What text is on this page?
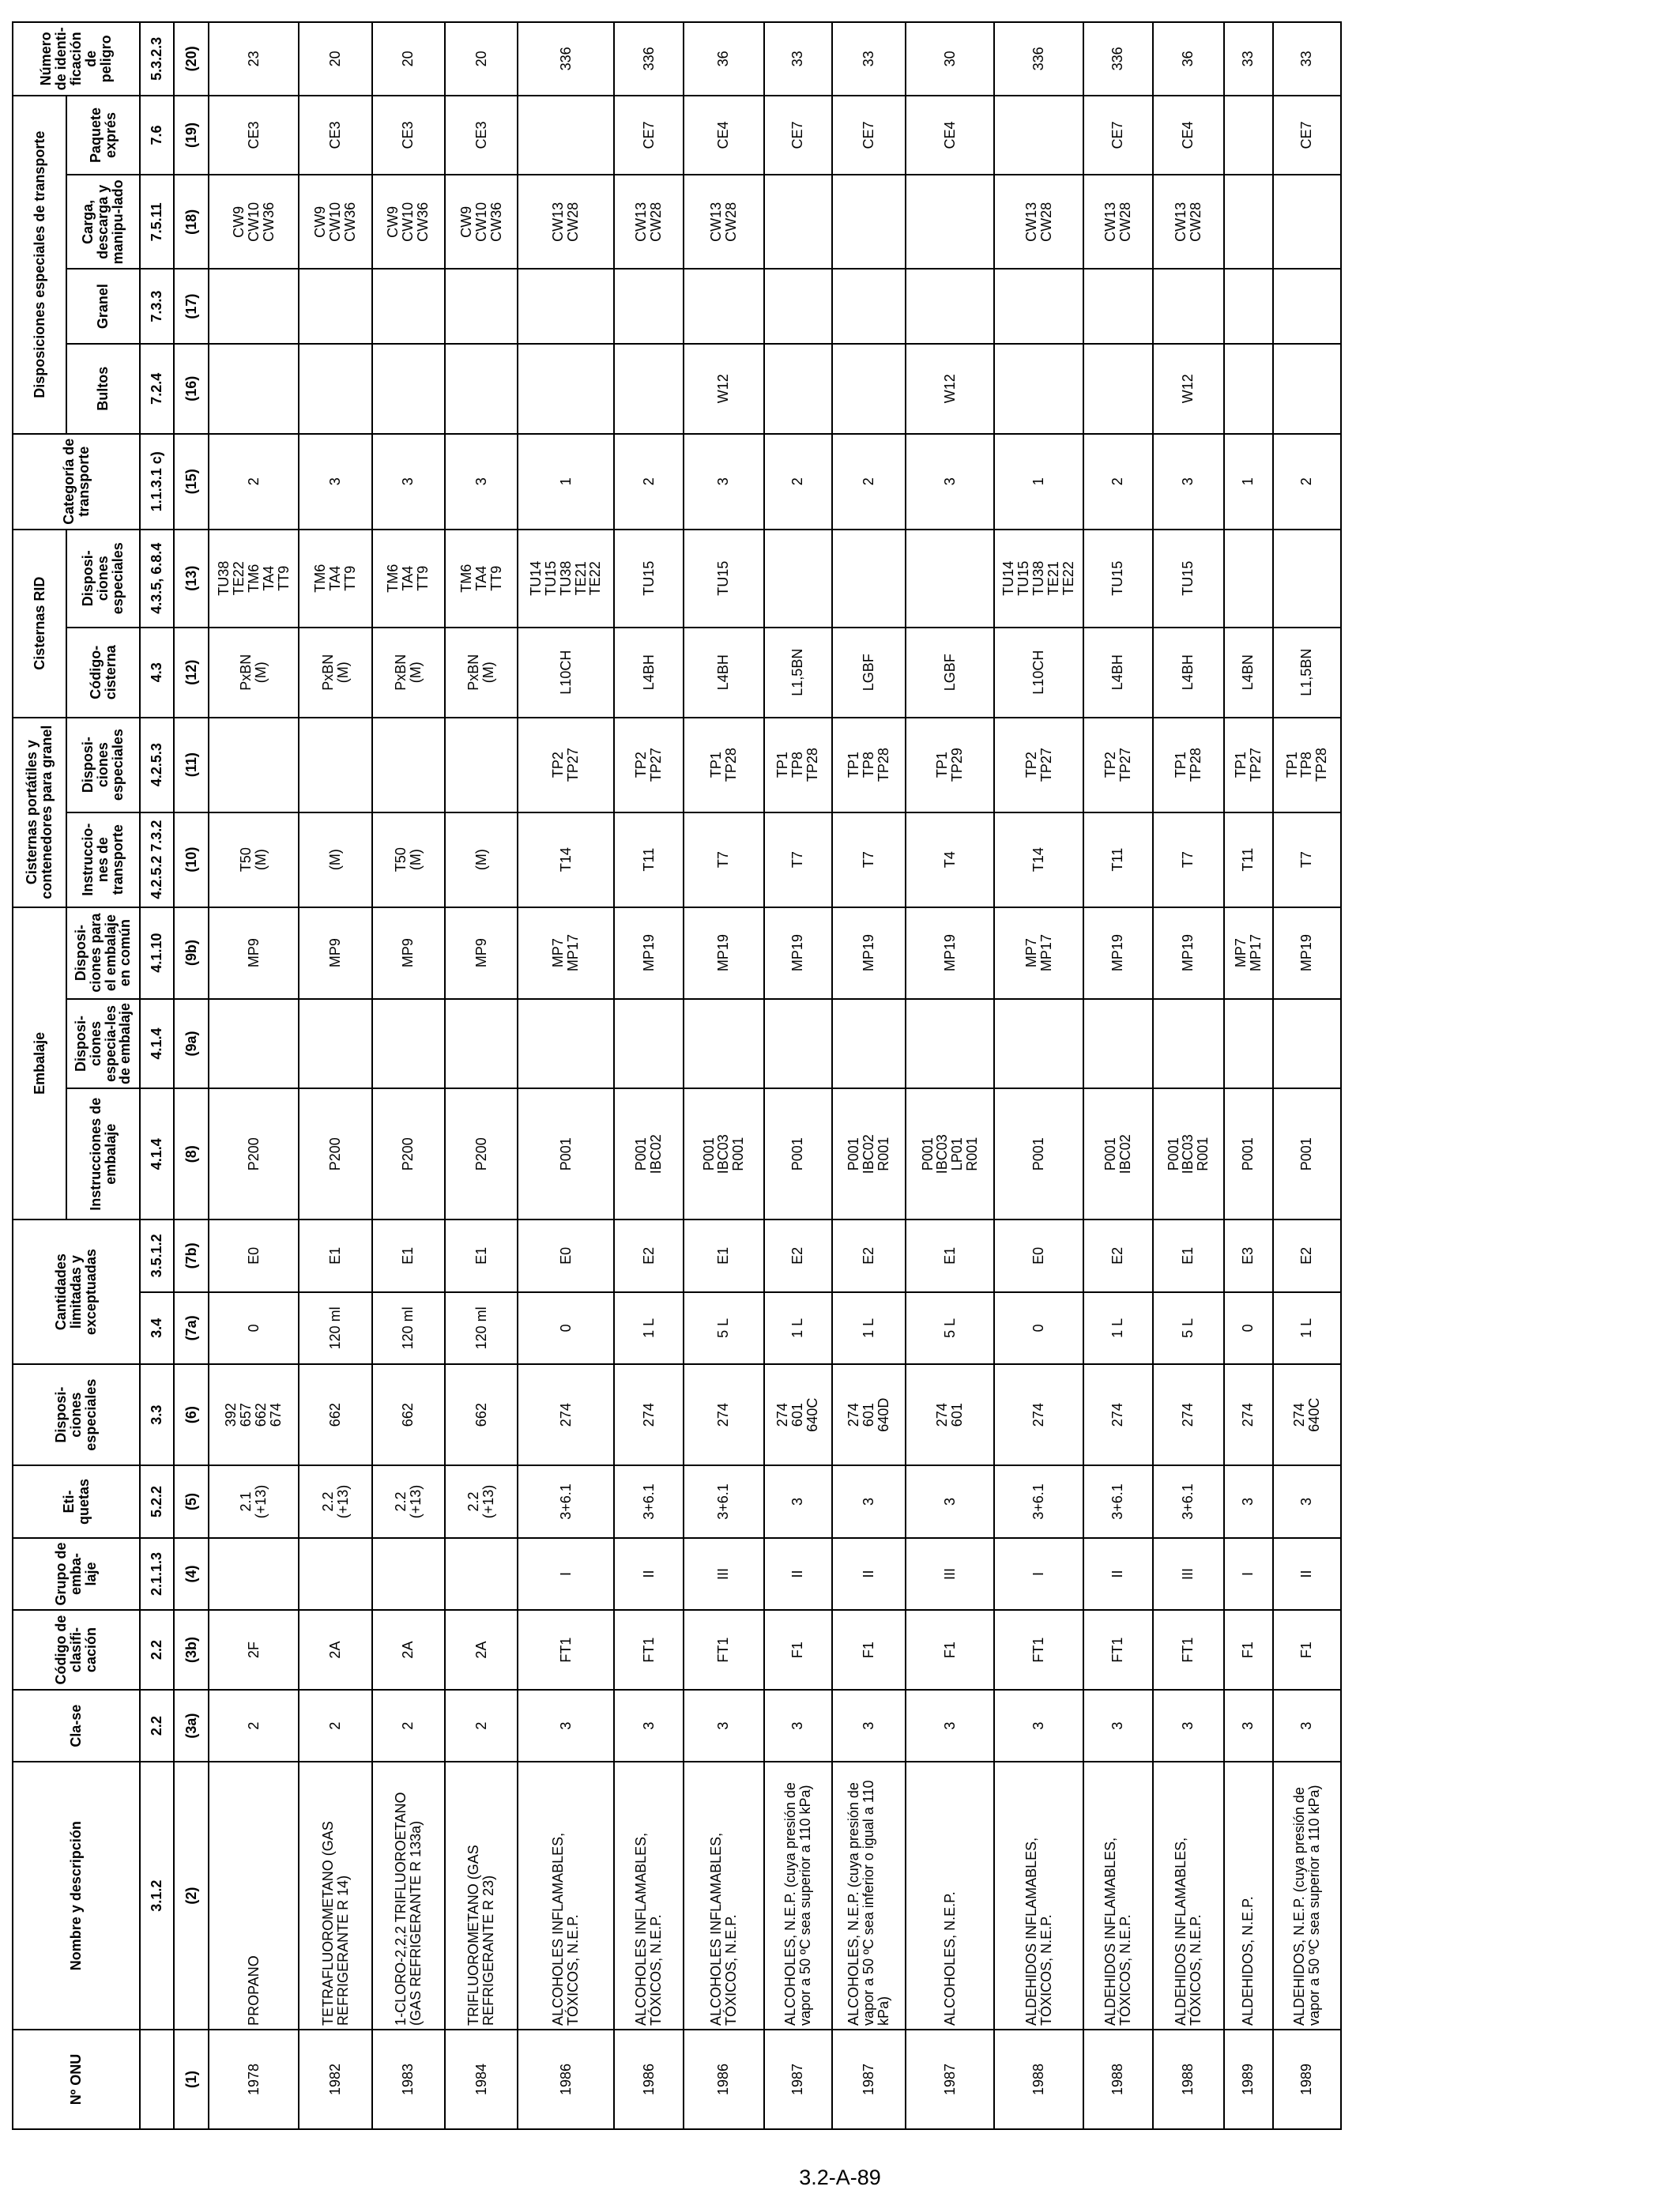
Nº ONU	Nombre y descripción	Cla-se	Código de clasifi-cación	Grupo de emba-laje	Eti-quetas	Disposi-ciones especiales	Cantidades limitadas y exceptuadas		Embalaje			Cisternas portátiles y contenedores para granel		Cisternas RID		Categoría de transporte	Disposiciones especiales de transporte				Número de identi-ficación de peligro
									Instrucciones de embalaje	Disposi-ciones especia-les de embalaje	Disposi-ciones para el embalaje en común	Instruccio-nes de transporte	Disposi-ciones especiales	Código-cisterna	Disposi-ciones especiales		Bultos	Granel	Carga, descarga y manipu-lado	Paquete exprés	
	3.1.2	2.2	2.2	2.1.1.3	5.2.2	3.3	3.4	3.5.1.2	4.1.4	4.1.4	4.1.10	4.2.5.2 7.3.2	4.2.5.3	4.3	4.3.5, 6.8.4	1.1.3.1 c)	7.2.4	7.3.3	7.5.11	7.6	5.3.2.3
(1)	(2)	(3a)	(3b)	(4)	(5)	(6)	(7a)	(7b)	(8)	(9a)	(9b)	(10)	(11)	(12)	(13)	(15)	(16)	(17)	(18)	(19)	(20)
1978	PROPANO	2	2F		2.1
(+13)	392
657
662
674	0	E0	P200		MP9	T50
(M)		PxBN
(M)	TU38
TE22
TM6
TA4
TT9	2			CW9
CW10
CW36	CE3	23
1982	TETRAFLUOROMETANO (GAS REFRIGERANTE R 14)	2	2A		2.2
(+13)	662	120 ml	E1	P200		MP9	(M)		PxBN
(M)	TM6
TA4
TT9	3			CW9
CW10
CW36	CE3	20
1983	1-CLORO-2,2,2 TRIFLUOROETANO (GAS REFRIGERANTE R 133a)	2	2A		2.2
(+13)	662	120 ml	E1	P200		MP9	T50
(M)		PxBN
(M)	TM6
TA4
TT9	3			CW9
CW10
CW36	CE3	20
1984	TRIFLUOROMETANO (GAS REFRIGERANTE R 23)	2	2A		2.2
(+13)	662	120 ml	E1	P200		MP9	(M)		PxBN
(M)	TM6
TA4
TT9	3			CW9
CW10
CW36	CE3	20
1986	ALCOHOLES INFLAMABLES, TÓXICOS, N.E.P.	3	FT1	I	3+6.1	274	0	E0	P001		MP7
MP17	T14	TP2
TP27	L10CH	TU14
TU15
TU38
TE21
TE22	1			CW13
CW28		336
1986	ALCOHOLES INFLAMABLES, TÓXICOS, N.E.P.	3	FT1	II	3+6.1	274	1 L	E2	P001
IBC02		MP19	T11	TP2
TP27	L4BH	TU15	2			CW13
CW28	CE7	336
1986	ALCOHOLES INFLAMABLES, TÓXICOS, N.E.P.	3	FT1	III	3+6.1	274	5 L	E1	P001
IBC03
R001		MP19	T7	TP1
TP28	L4BH	TU15	3	W12		CW13
CW28	CE4	36
1987	ALCOHOLES, N.E.P. (cuya presión de vapor a 50 ºC sea superior a 110 kPa)	3	F1	II	3	274
601
640C	1 L	E2	P001		MP19	T7	TP1
TP8
TP28	L1,5BN		2				CE7	33
1987	ALCOHOLES, N.E.P. (cuya presión de vapor a 50 ºC sea inferior o igual a 110 kPa)	3	F1	II	3	274
601
640D	1 L	E2	P001
IBC02
R001		MP19	T7	TP1
TP8
TP28	LGBF		2				CE7	33
1987	ALCOHOLES, N.E.P.	3	F1	III	3	274
601	5 L	E1	P001
IBC03
LP01
R001		MP19	T4	TP1
TP29	LGBF		3	W12			CE4	30
1988	ALDEHIDOS INFLAMABLES, TÓXICOS, N.E.P.	3	FT1	I	3+6.1	274	0	E0	P001		MP7
MP17	T14	TP2
TP27	L10CH	TU14
TU15
TU38
TE21
TE22	1			CW13
CW28		336
1988	ALDEHIDOS INFLAMABLES, TÓXICOS, N.E.P.	3	FT1	II	3+6.1	274	1 L	E2	P001
IBC02		MP19	T11	TP2
TP27	L4BH	TU15	2			CW13
CW28	CE7	336
1988	ALDEHIDOS INFLAMABLES, TÓXICOS, N.E.P.	3	FT1	III	3+6.1	274	5 L	E1	P001
IBC03
R001		MP19	T7	TP1
TP28	L4BH	TU15	3	W12		CW13
CW28	CE4	36
1989	ALDEHIDOS, N.E.P.	3	F1	I	3	274	0	E3	P001		MP7
MP17	T11	TP1
TP27	L4BN		1					33
1989	ALDEHIDOS, N.E.P. (cuya presión de vapor a 50 ºC sea superior a 110 kPa)	3	F1	II	3	274
640C	1 L	E2	P001		MP19	T7	TP1
TP8
TP28	L1,5BN		2				CE7	33
3.2-A-89
